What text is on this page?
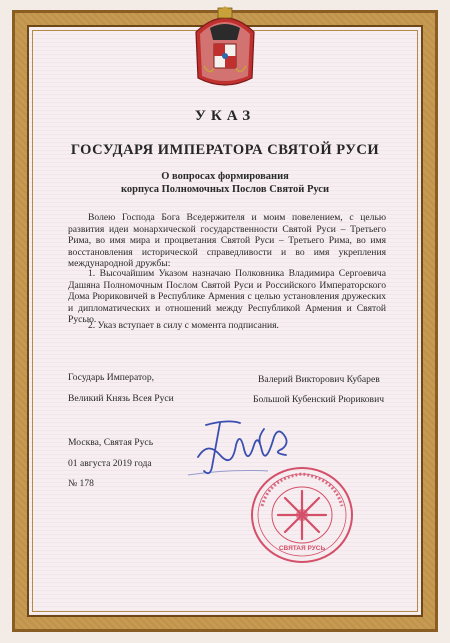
УКАЗ
ГОСУДАРЯ ИМПЕРАТОРА СВЯТОЙ РУСИ
О вопросах формирования
корпуса Полномочных Послов Святой Руси
Волею Господа Бога Вседержителя и моим повелением, с целью развития идеи монархической государственности Святой Руси – Третьего Рима, во имя мира и процветания Святой Руси – Третьего Рима, во имя восстановления исторической справедливости и во имя укрепления международной дружбы:
1. Высочайшим Указом назначаю Полковника Владимира Сергоевича Дашяна Полномочным Послом Святой Руси и Российского Императорского Дома Рюриковичей в Республике Армения с целью установления дружеских и дипломатических и отношений между Республикой Армения и Святой Русью.
2. Указ вступает в силу с момента подписания.
Государь Император,
Великий Князь Всея Руси
Валерий Викторович Кубарев
Большой Кубенский Рюрикович
Москва, Святая Русь
01 августа 2019 года
№ 178
СВЯТАЯ РУСЬ
